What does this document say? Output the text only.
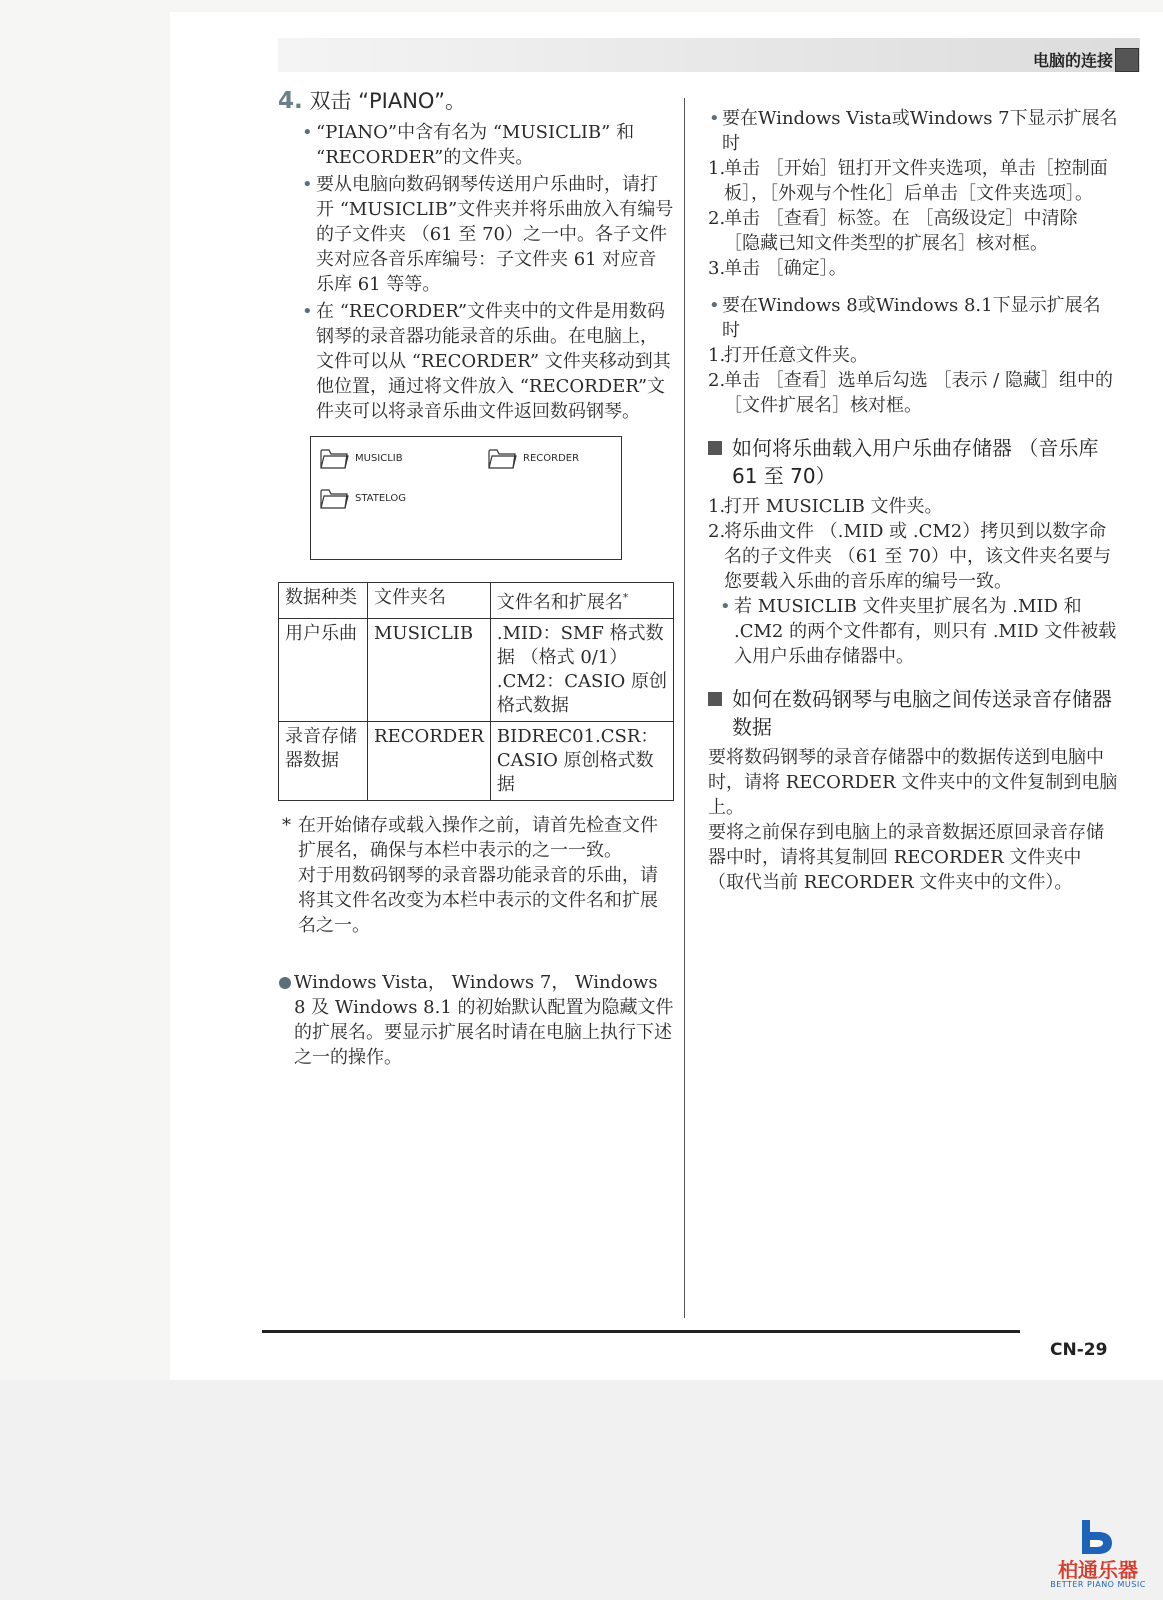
电脑的连接
4. 双击 “PIANO”。
• “PIANO”中含有名为 “MUSICLIB” 和 “RECORDER”的文件夹。
• 要从电脑向数码钢琴传送用户乐曲时，请打开 “MUSICLIB”文件夹并将乐曲放入有编号的子文件夹 （61 至 70）之一中。各子文件夹对应各音乐库编号：子文件夹 61 对应音乐库 61 等等。
• 在 “RECORDER”文件夹中的文件是用数码钢琴的录音器功能录音的乐曲。在电脑上，文件可以从 “RECORDER” 文件夹移动到其他位置，通过将文件放入 “RECORDER”文件夹可以将录音乐曲文件返回数码钢琴。
MUSICLIB	RECORDER
STATELOG
数据种类	文件夹名	文件名和扩展名*
用户乐曲	MUSICLIB	.MID：SMF 格式数据 （格式 0/1） .CM2：CASIO 原创格式数据
录音存储器数据	RECORDER	BIDREC01.CSR：CASIO 原创格式数据
* 在开始储存或载入操作之前，请首先检查文件扩展名，确保与本栏中表示的之一一致。

对于用数码钢琴的录音器功能录音的乐曲，请将其文件名改变为本栏中表示的文件名和扩展名之一。

Windows Vista， Windows 7， Windows 8 及 Windows 8.1 的初始默认配置为隐藏文件的扩展名。要显示扩展名时请在电脑上执行下述之一的操作。

• 要在Windows Vista或Windows 7下显示扩展名时
1.
单击 ［开始］钮打开文件夹选项，单击［控制面板］，［外观与个性化］后单击［文件夹选项］。
2.
单击 ［查看］标签。在 ［高级设定］中清除 ［隐藏已知文件类型的扩展名］核对框。
3.
单击 ［确定］。
• 要在Windows 8或Windows 8.1下显示扩展名时
1.
打开任意文件夹。
2.
单击 ［查看］选单后勾选 ［表示 / 隐藏］组中的 ［文件扩展名］核对框。
如何将乐曲载入用户乐曲存储器 （音乐库 61 至 70）
1.
打开 MUSICLIB 文件夹。
2.
将乐曲文件 （.MID 或 .CM2）拷贝到以数字命名的子文件夹 （61 至 70）中，该文件夹名要与您要载入乐曲的音乐库的编号一致。
• 若 MUSICLIB 文件夹里扩展名为 .MID 和 .CM2 的两个文件都有，则只有 .MID 文件被载入用户乐曲存储器中。
如何在数码钢琴与电脑之间传送录音存储器数据

要将数码钢琴的录音存储器中的数据传送到电脑中时，请将 RECORDER 文件夹中的文件复制到电脑上。

要将之前保存到电脑上的录音数据还原回录音存储器中时，请将其复制回 RECORDER 文件夹中 （取代当前 RECORDER 文件夹中的文件）。

CN-29
柏通乐器
BETTER PIANO MUSIC
